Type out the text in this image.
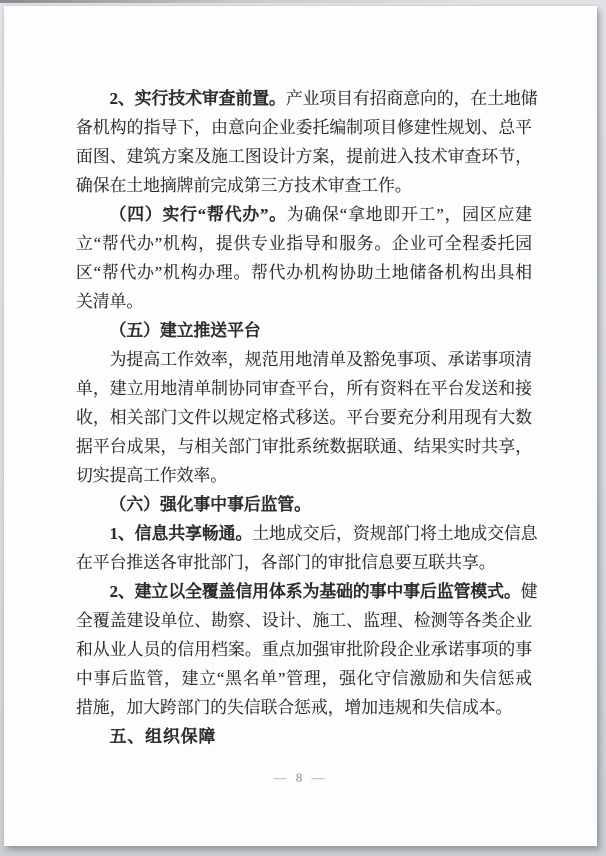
2、实行技术审查前置。产业项目有招商意向的，在土地储
备机构的指导下，由意向企业委托编制项目修建性规划、总平
面图、建筑方案及施工图设计方案，提前进入技术审查环节，
确保在土地摘牌前完成第三方技术审查工作。
（四）实行“帮代办”。为确保“拿地即开工”，园区应建
立“帮代办”机构，提供专业指导和服务。企业可全程委托园
区“帮代办”机构办理。帮代办机构协助土地储备机构出具相
关清单。
（五）建立推送平台
为提高工作效率，规范用地清单及豁免事项、承诺事项清
单，建立用地清单制协同审查平台，所有资料在平台发送和接
收，相关部门文件以规定格式移送。平台要充分利用现有大数
据平台成果，与相关部门审批系统数据联通、结果实时共享，
切实提高工作效率。
（六）强化事中事后监管。
1、信息共享畅通。土地成交后，资规部门将土地成交信息
在平台推送各审批部门，各部门的审批信息要互联共享。
2、建立以全覆盖信用体系为基础的事中事后监管模式。健
全覆盖建设单位、勘察、设计、施工、监理、检测等各类企业
和从业人员的信用档案。重点加强审批阶段企业承诺事项的事
中事后监管，建立“黑名单”管理，强化守信激励和失信惩戒
措施，加大跨部门的失信联合惩戒，增加违规和失信成本。
五、组织保障
— 8 —
